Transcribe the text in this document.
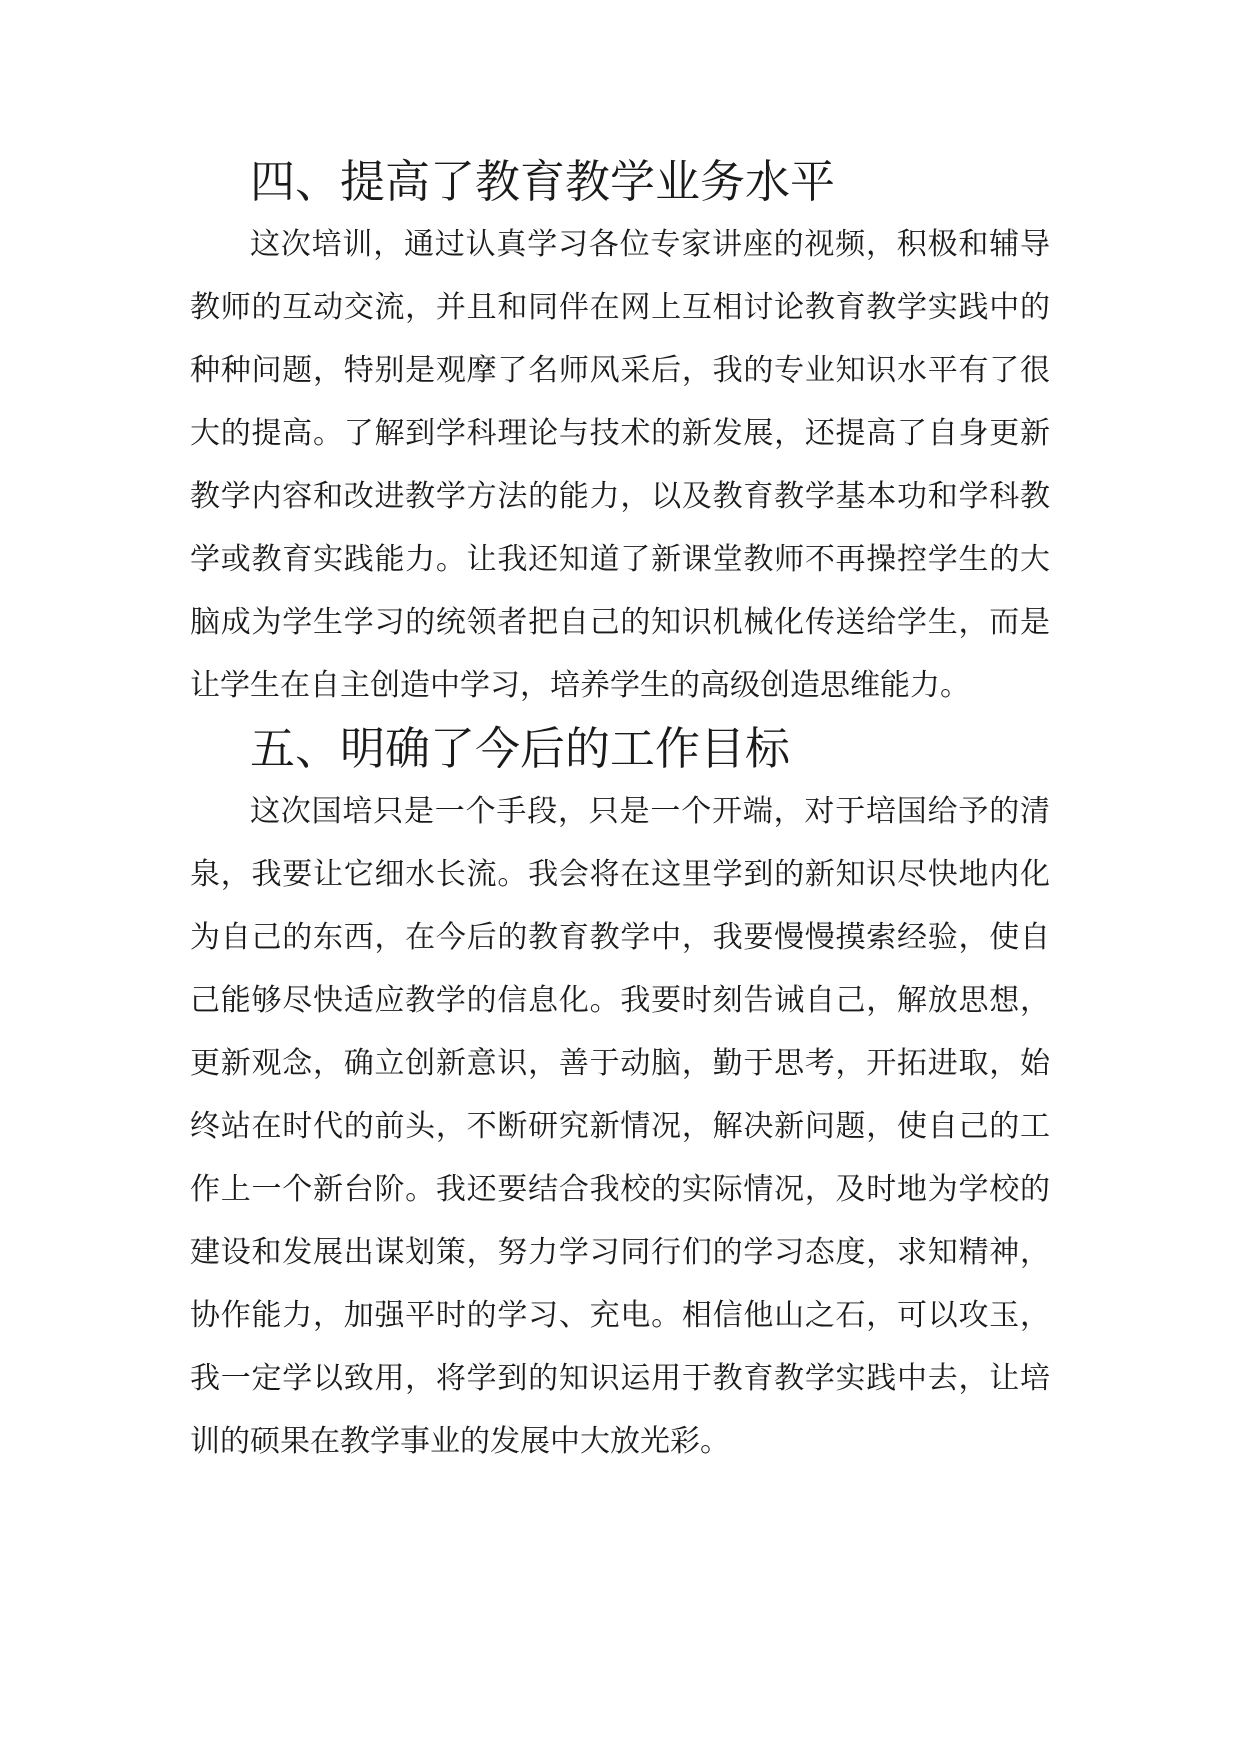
四、提高了教育教学业务水平

这次培训，通过认真学习各位专家讲座的视频，积极和辅导教师的互动交流，并且和同伴在网上互相讨论教育教学实践中的种种问题，特别是观摩了名师风采后，我的专业知识水平有了很大的提高。了解到学科理论与技术的新发展，还提高了自身更新教学内容和改进教学方法的能力，以及教育教学基本功和学科教学或教育实践能力。让我还知道了新课堂教师不再操控学生的大脑成为学生学习的统领者把自己的知识机械化传送给学生，而是让学生在自主创造中学习，培养学生的高级创造思维能力。

五、明确了今后的工作目标

这次国培只是一个手段，只是一个开端，对于培国给予的清泉，我要让它细水长流。我会将在这里学到的新知识尽快地内化为自己的东西，在今后的教育教学中，我要慢慢摸索经验，使自己能够尽快适应教学的信息化。我要时刻告诫自己，解放思想，更新观念，确立创新意识，善于动脑，勤于思考，开拓进取，始终站在时代的前头，不断研究新情况，解决新问题，使自己的工作上一个新台阶。我还要结合我校的实际情况，及时地为学校的建设和发展出谋划策，努力学习同行们的学习态度，求知精神，协作能力，加强平时的学习、充电。相信他山之石，可以攻玉，我一定学以致用，将学到的知识运用于教育教学实践中去，让培训的硕果在教学事业的发展中大放光彩。
